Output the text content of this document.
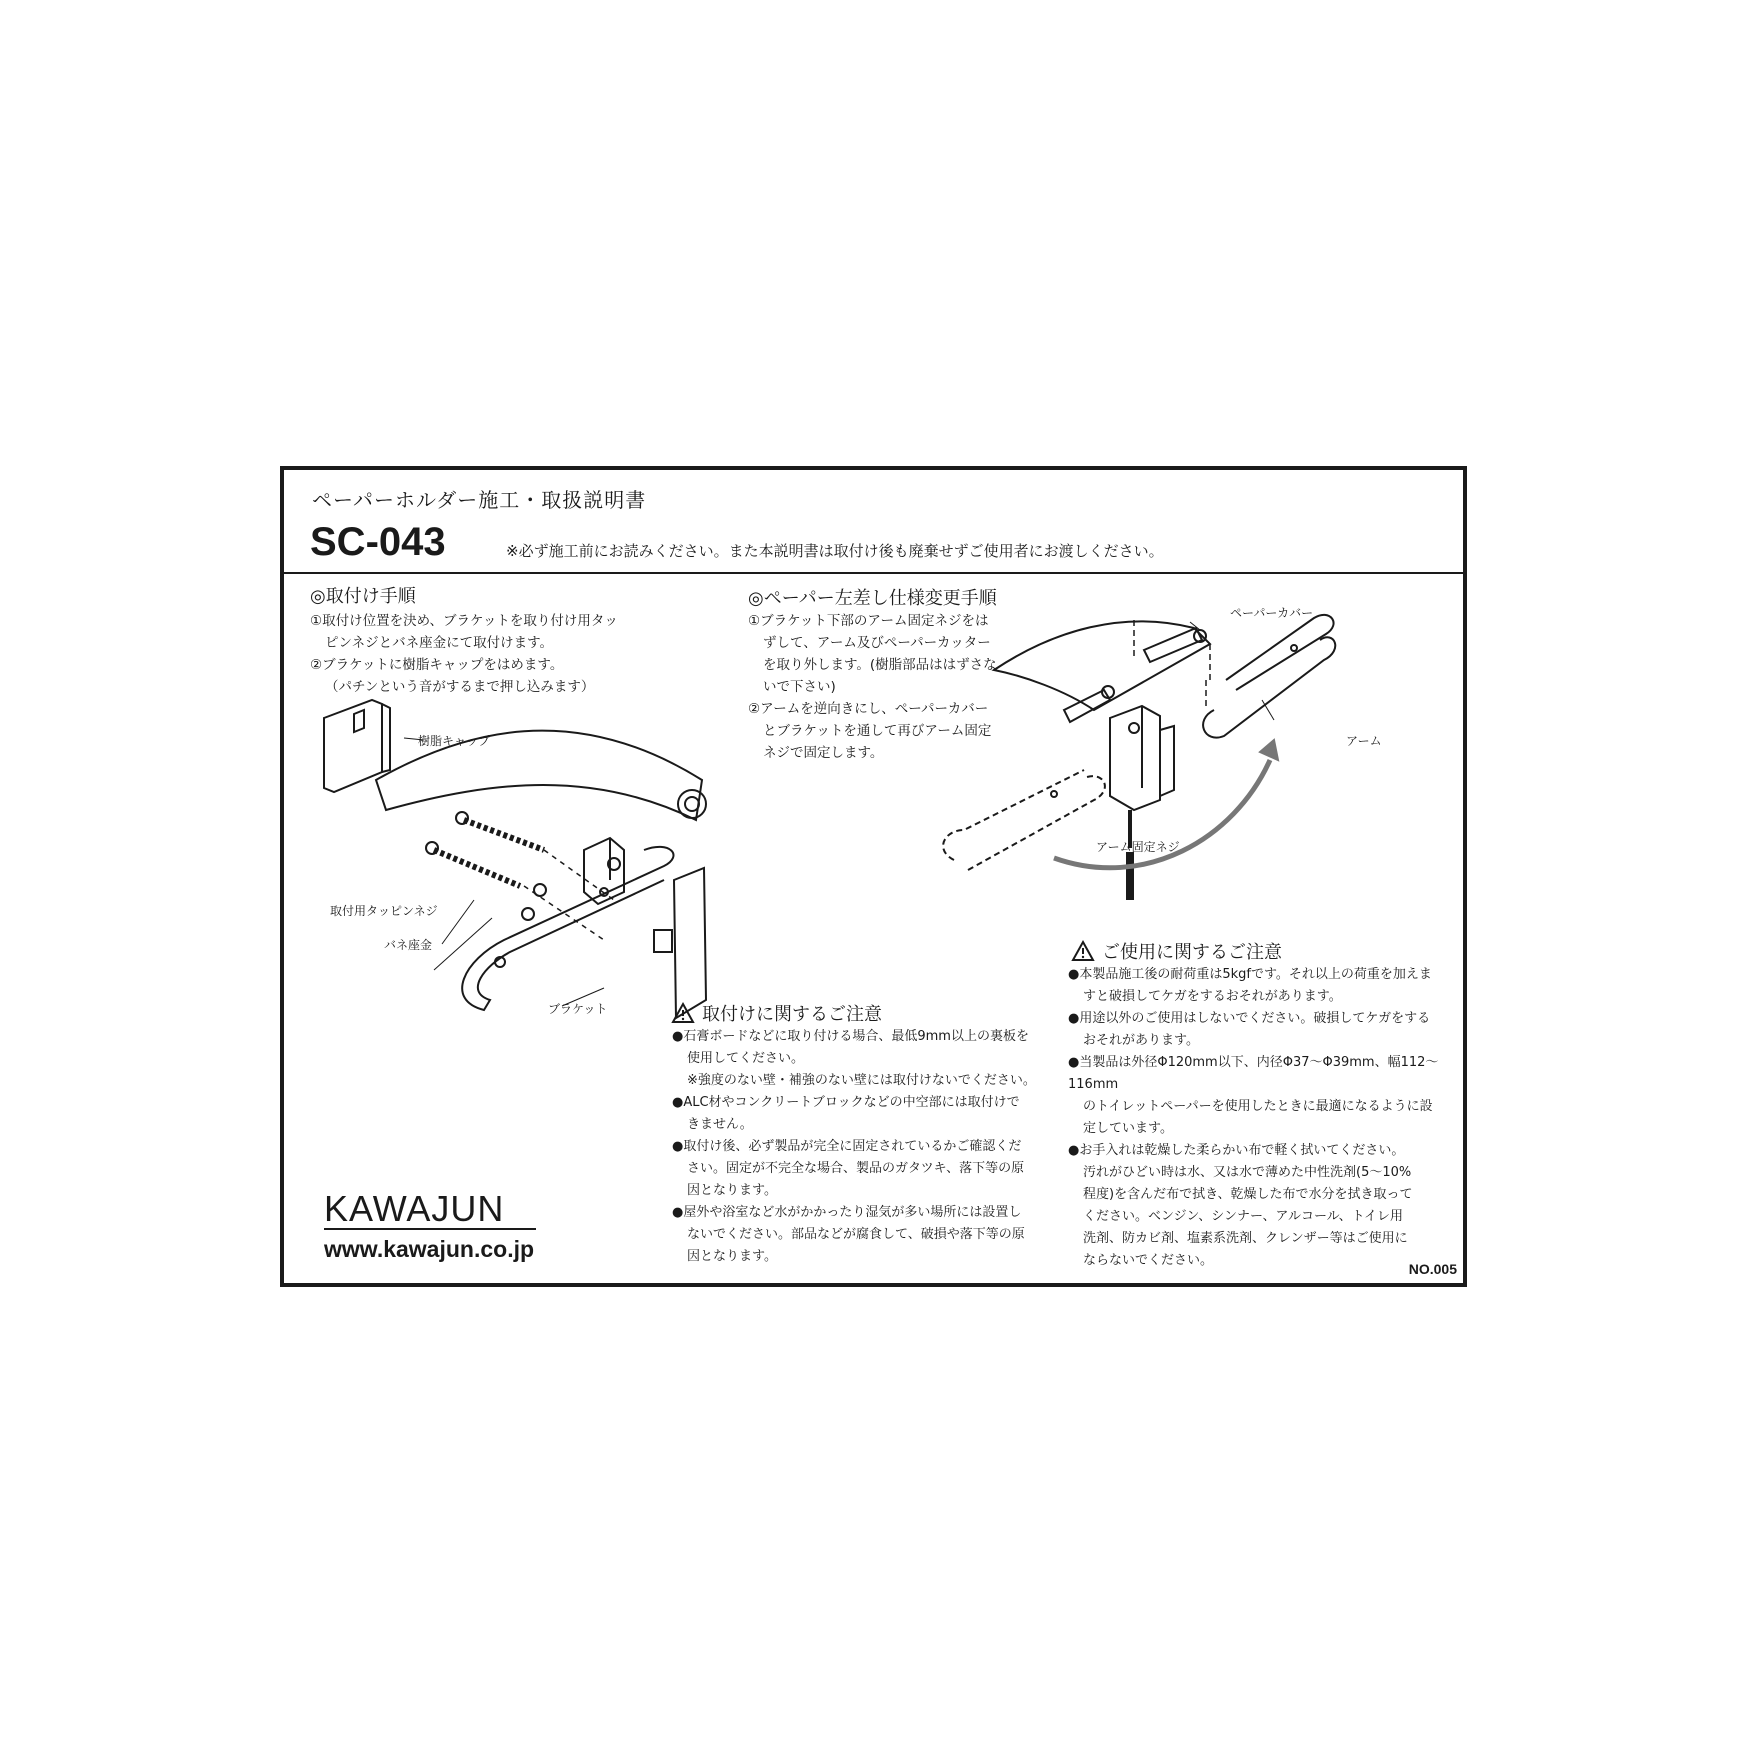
ペーパーホルダー施工・取扱説明書
SC-043	※必ず施工前にお読みください。また本説明書は取付け後も廃棄せずご使用者にお渡しください。
◎取付け手順

①取付け位置を決め、ブラケットを取り付け用タッ

ピンネジとバネ座金にて取付けます。

②ブラケットに樹脂キャップをはめます。

（パチンという音がするまで押し込みます）

樹脂キャップ
取付用タッピンネジ
バネ座金
ブラケット
◎ペーパー左差し仕様変更手順

①ブラケット下部のアーム固定ネジをは

ずして、アーム及びペーパーカッター

を取り外します。(樹脂部品ははずさな

いで下さい)

②アームを逆向きにし、ペーパーカバー

とブラケットを通して再びアーム固定

ネジで固定します。

ペーパーカバー
アーム
アーム固定ネジ
取付けに関するご注意

●石膏ボードなどに取り付ける場合、最低9mm以上の裏板を

使用してください。

※強度のない壁・補強のない壁には取付けないでください。

●ALC材やコンクリートブロックなどの中空部には取付けで

きません。

●取付け後、必ず製品が完全に固定されているかご確認くだ

さい。固定が不完全な場合、製品のガタツキ、落下等の原

因となります。

●屋外や浴室など水がかかったり湿気が多い場所には設置し

ないでください。部品などが腐食して、破損や落下等の原

因となります。

ご使用に関するご注意

●本製品施工後の耐荷重は5kgfです。それ以上の荷重を加えま

すと破損してケガをするおそれがあります。

●用途以外のご使用はしないでください。破損してケガをする

おそれがあります。

●当製品は外径Φ120mm以下、内径Φ37～Φ39mm、幅112～116mm

のトイレットペーパーを使用したときに最適になるように設

定しています。

●お手入れは乾燥した柔らかい布で軽く拭いてください。

汚れがひどい時は水、又は水で薄めた中性洗剤(5～10%

程度)を含んだ布で拭き、乾燥した布で水分を拭き取って

ください。ベンジン、シンナー、アルコール、トイレ用

洗剤、防カビ剤、塩素系洗剤、クレンザー等はご使用に

ならないでください。

KAWAJUN
www.kawajun.co.jp
NO.005
